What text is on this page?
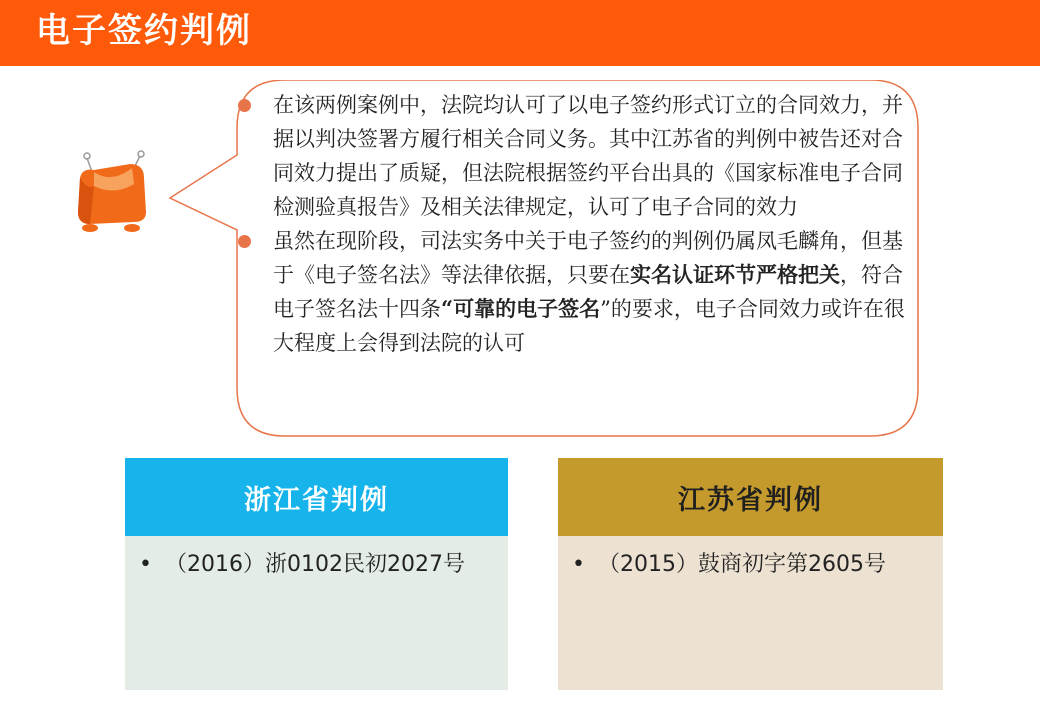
电子签约判例
在该两例案例中，法院均认可了以电子签约形式订立的合同效力，并据以判决签署方履行相关合同义务。其中江苏省的判例中被告还对合同效力提出了质疑，但法院根据签约平台出具的《国家标准电子合同检测验真报告》及相关法律规定，认可了电子合同的效力
虽然在现阶段，司法实务中关于电子签约的判例仍属凤毛麟角，但基于《电子签名法》等法律依据，只要在实名认证环节严格把关，符合电子签名法十四条“可靠的电子签名”的要求，电子合同效力或许在很大程度上会得到法院的认可
浙江省判例
• （2016）浙0102民初2027号
江苏省判例
• （2015）鼓商初字第2605号
